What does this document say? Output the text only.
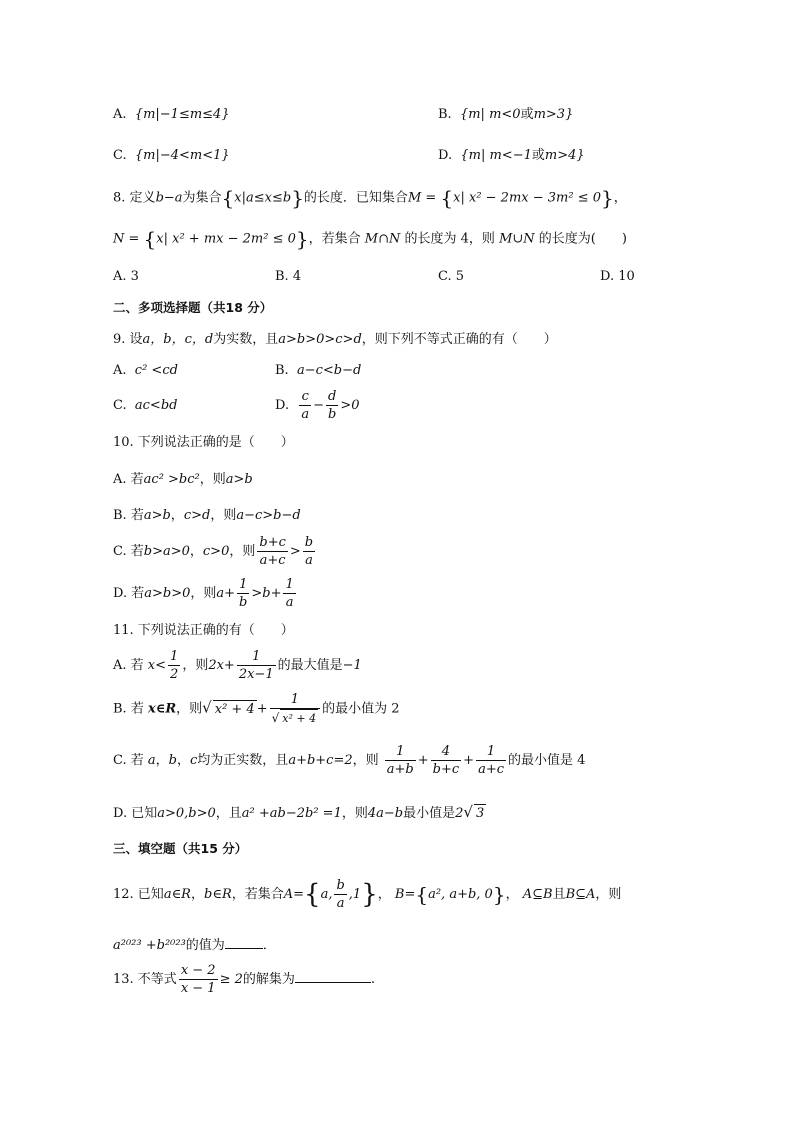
A. {m|−1≤m≤4}	B. {m| m<0或m>3}
C. {m|−4<m<1}	D. {m| m<−1或m>4}
8. 定义b−a为集合{x|a≤x≤b}的长度．已知集合M = {x| x² − 2mx − 3m² ≤ 0}，
N = {x| x² + mx − 2m² ≤ 0}，若集合 M∩N 的长度为 4，则 M∪N 的长度为(　　)
A. 3	B. 4	C. 5	D. 10
二、多项选择题（共18 分）
9. 设a，b，c，d为实数，且a>b>0>c>d，则下列不等式正确的有（　　）
A. c² <cd	B. a−c<b−d
C. ac<bd	D. $\frac{c}{a} - \frac{d}{b} >0$
10. 下列说法正确的是（　　）
A. 若ac² >bc²，则a>b
B. 若a>b，c>d，则a−c>b−d
C. 若b>a>0，c>0，则 $\frac{b+c}{a+c} > \frac{b}{a}$
D. 若a>b>0，则$a+ \frac{1}{b} >b+ \frac{1}{a}$
11. 下列说法正确的有（　　）
A. 若 $x< \frac{1}{2}$ ，则$2x+ \frac{1}{2x-1}$ 的最大值是−1
B. 若 x∈R，则√ $x^2 + 4 + \frac{1}{\text{√ x² + 4}}$ 的最小值为 2
C. 若 a，b，c均为正实数，且a+b+c=2，则 $\frac{1}{a+b} + \frac{4}{b+c} + \frac{1}{a+c}$ 的最小值是 4
D. 已知a>0,b>0，且a² +ab−2b² =1，则4a−b最小值是2√ 3
三、填空题（共15 分）
12. 已知a∈R，b∈R，若集合A={a, $\frac{b}{a} ,1$}， B={a², a+b, 0}， A⊆B且B⊆A，则
a²⁰²³ +b²⁰²³的值为	．
13. 不等式 $\frac{x - 2}{x - 1} \ge 2$的解集为	.
